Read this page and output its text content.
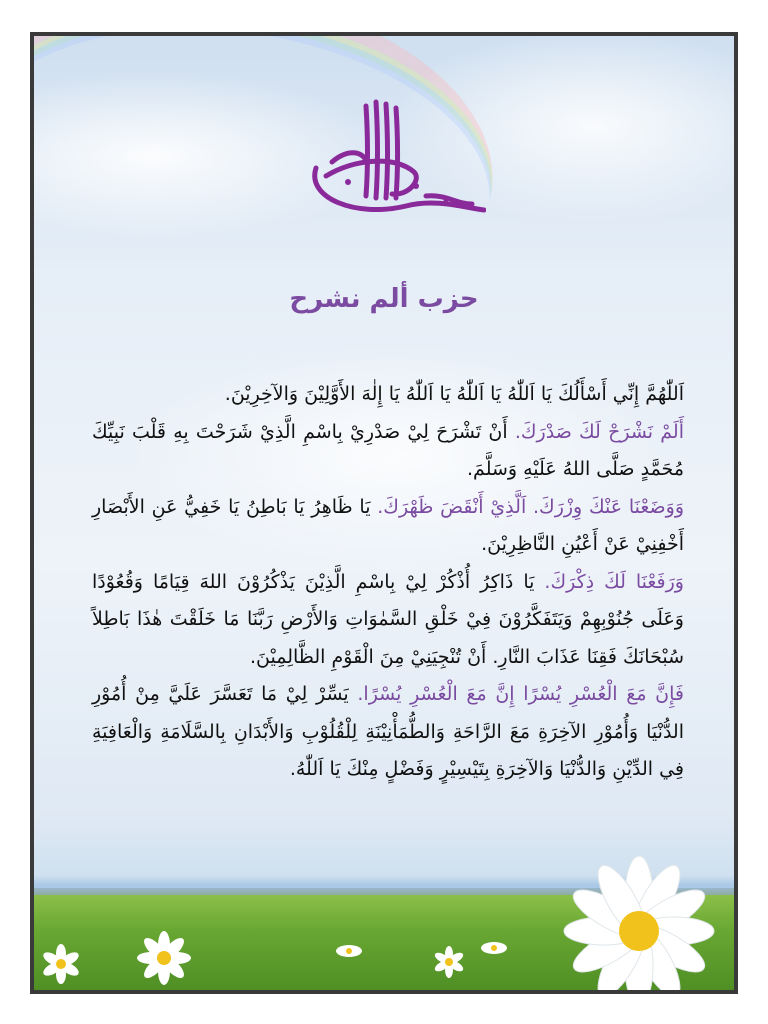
حزب ألم نشرح

اَللّٰهُمَّ إِنِّي أَسْأَلُكَ يَا اَللّٰهُ يَا اَللّٰهُ يَا اَللّٰهُ يَا إِلٰهَ الأَوَّلِيْنَ وَالآخِرِيْنَ.

أَلَمْ نَشْرَحْ لَكَ صَدْرَكَ. أَنْ تَشْرَحَ لِيْ صَدْرِيْ بِاسْمِ الَّذِيْ شَرَحْتَ بِهِ قَلْبَ نَبِيِّكَ مُحَمَّدٍ صَلَّى اللهُ عَلَيْهِ وَسَلَّمَ.

وَوَضَعْنَا عَنْكَ وِزْرَكَ. اَلَّذِيْ أَنْقَضَ ظَهْرَكَ. يَا ظَاهِرُ يَا بَاطِنُ يَا خَفِيُّ عَنِ الأَبْصَارِ أَخْفِنِيْ عَنْ أَعْيُنِ النَّاظِرِيْنَ.

وَرَفَعْنَا لَكَ ذِكْرَكَ. يَا ذَاكِرُ أُذْكُرْ لِيْ بِاسْمِ الَّذِيْنَ يَذْكُرُوْنَ اللهَ قِيَامًا وَقُعُوْدًا وَعَلَى جُنُوْبِهِمْ وَيَتَفَكَّرُوْنَ فِيْ خَلْقِ السَّمٰوَاتِ وَالأَرْضِ رَبَّنَا مَا خَلَقْتَ هٰذَا بَاطِلاً سُبْحَانَكَ فَقِنَا عَذَابَ النَّارِ. أَنْ تُنْجِيَنِيْ مِنَ الْقَوْمِ الظَّالِمِيْنَ.

فَإِنَّ مَعَ الْعُسْرِ يُسْرًا إِنَّ مَعَ الْعُسْرِ يُسْرًا. يَسِّرْ لِيْ مَا تَعَسَّرَ عَلَيَّ مِنْ أُمُوْرِ الدُّنْيَا وَأُمُوْرِ الآخِرَةِ مَعَ الرَّاحَةِ وَالطُّمَأْنِيْنَةِ لِلْقُلُوْبِ وَالأَبْدَانِ بِالسَّلَامَةِ وَالْعَافِيَةِ فِي الدِّيْنِ وَالدُّنْيَا وَالآخِرَةِ بِتَيْسِيْرٍ وَفَضْلٍ مِنْكَ يَا اَللّٰهُ.
